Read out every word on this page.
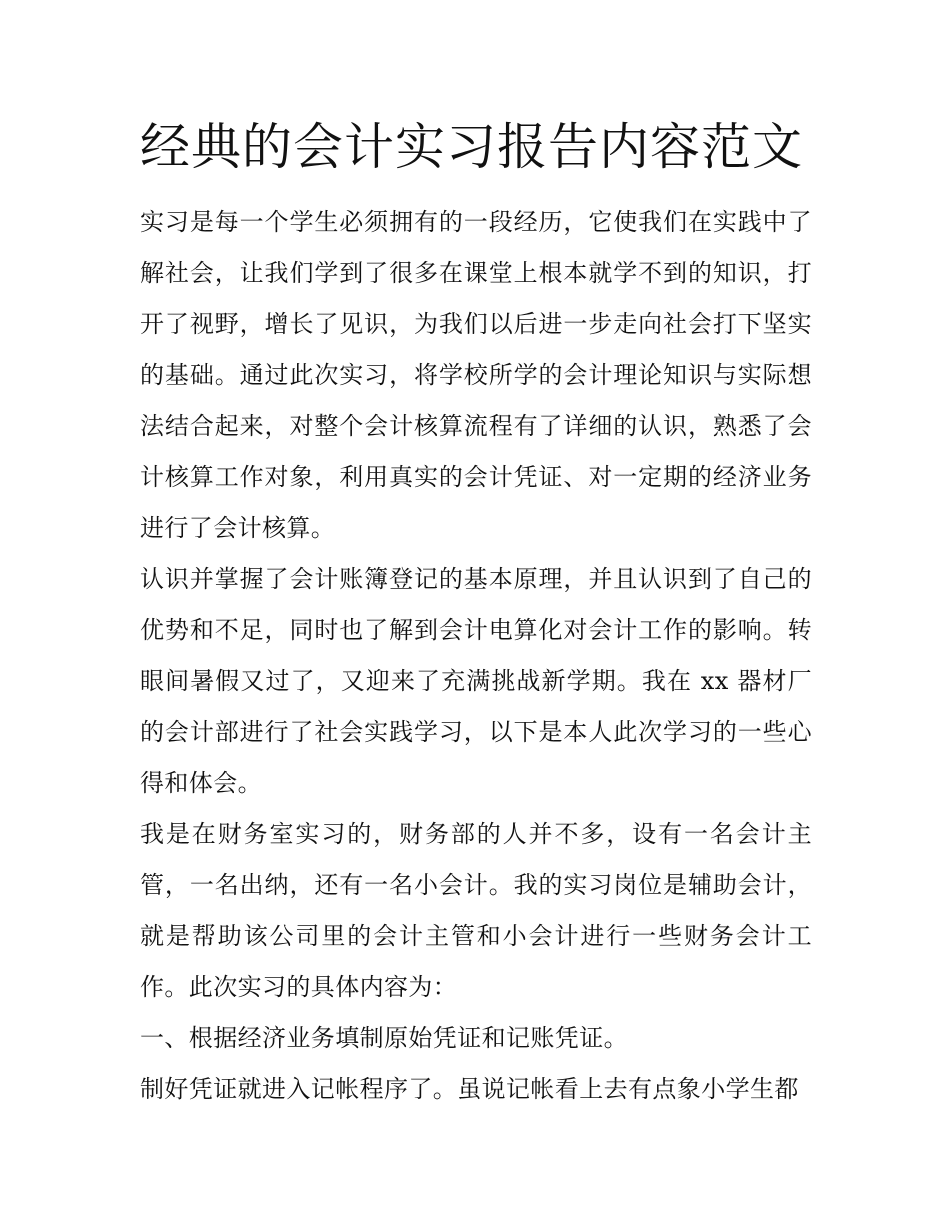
经典的会计实习报告内容范文

实习是每一个学生必须拥有的一段经历，它使我们在实践中了解社会，让我们学到了很多在课堂上根本就学不到的知识，打开了视野，增长了见识，为我们以后进一步走向社会打下坚实的基础。通过此次实习，将学校所学的会计理论知识与实际想法结合起来，对整个会计核算流程有了详细的认识，熟悉了会计核算工作对象，利用真实的会计凭证、对一定期的经济业务进行了会计核算。

认识并掌握了会计账簿登记的基本原理，并且认识到了自己的优势和不足，同时也了解到会计电算化对会计工作的影响。转眼间暑假又过了，又迎来了充满挑战新学期。我在 xx 器材厂的会计部进行了社会实践学习，以下是本人此次学习的一些心得和体会。

我是在财务室实习的，财务部的人并不多，设有一名会计主管，一名出纳，还有一名小会计。我的实习岗位是辅助会计，就是帮助该公司里的会计主管和小会计进行一些财务会计工作。此次实习的具体内容为：

一、根据经济业务填制原始凭证和记账凭证。

制好凭证就进入记帐程序了。虽说记帐看上去有点象小学生都
